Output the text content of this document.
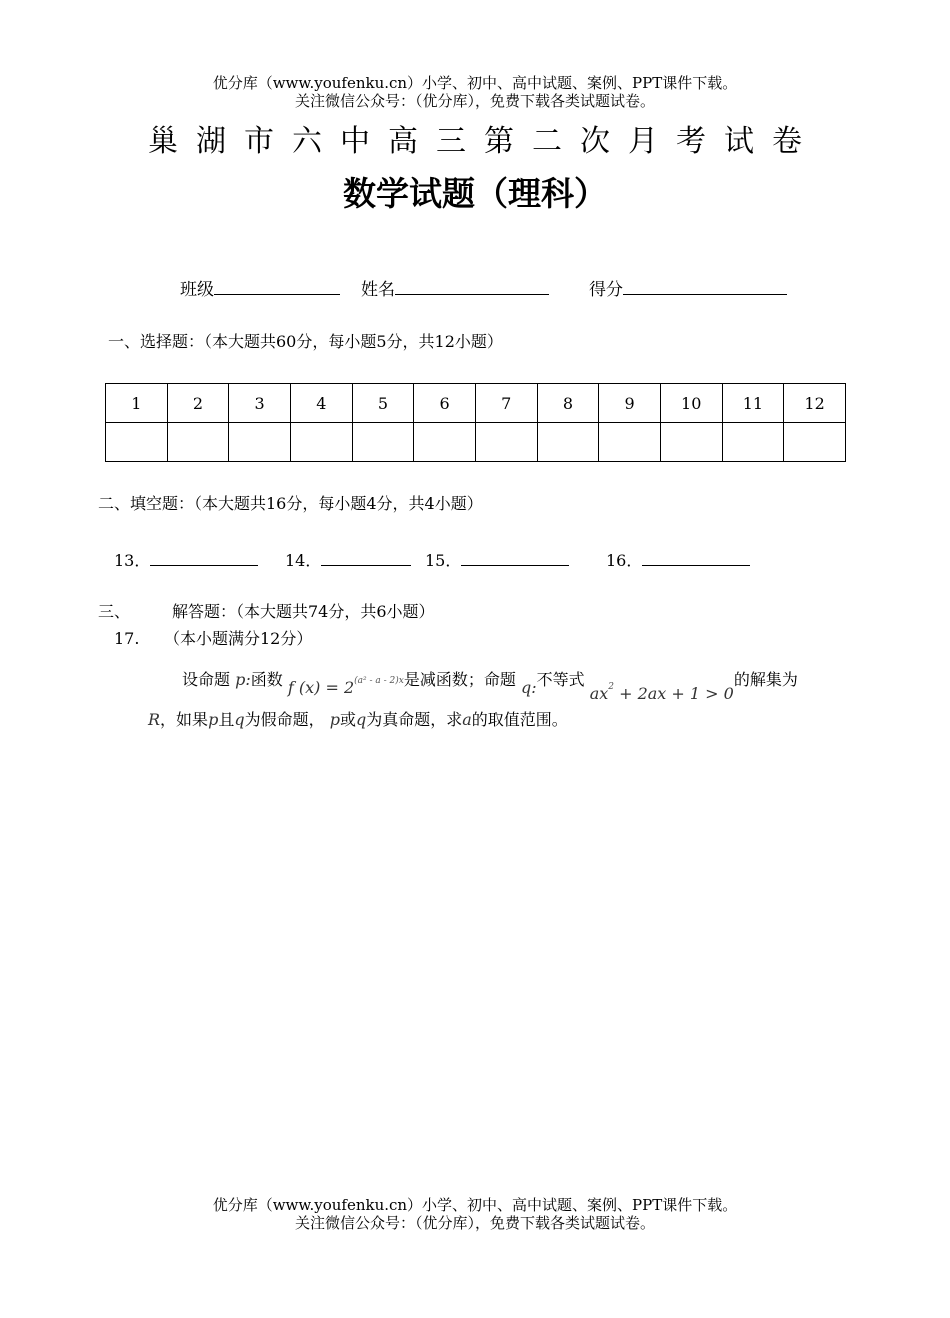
优分库（www.youfenku.cn）小学、初中、高中试题、案例、PPT课件下载。
关注微信公众号：（优分库），免费下载各类试题试卷。
巢湖市六中高三第二次月考试卷
数学试题（理科）
班级	姓名	得分
一、选择题：（本大题共60分，每小题5分，共12小题）
1	2	3	4	5	6	7	8	9	10	11	12

二、填空题：（本大题共16分，每小题4分，共4小题）
13．	14．	15．	16．
三、	解答题：（本大题共74分，共6小题）
17. （本小题满分12分）
设命题 p:函数 f $(x) = 2^{(a^2 - a - 2)x}$是减函数；命题 q:不等式 $ax^2 + 2ax + 1 > 0$的解集为
R，如果p且q为假命题， p或q为真命题，求a的取值范围。
优分库（www.youfenku.cn）小学、初中、高中试题、案例、PPT课件下载。
关注微信公众号：（优分库），免费下载各类试题试卷。
